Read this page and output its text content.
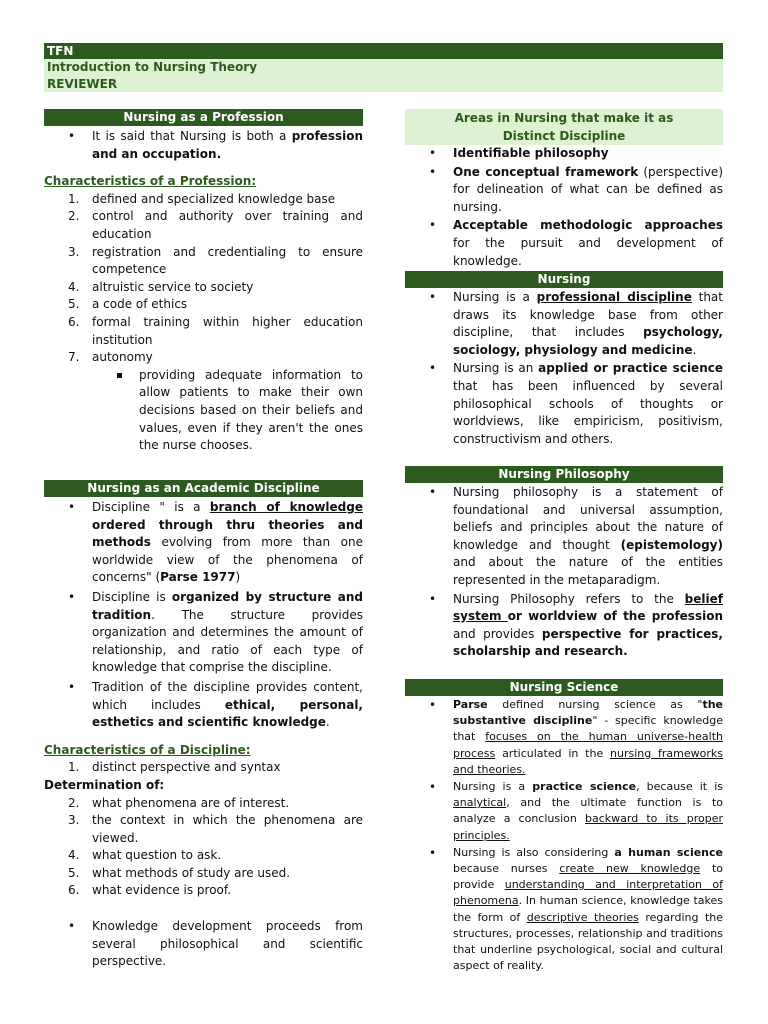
TFN
Introduction to Nursing Theory
REVIEWER
Nursing as a Profession
• It is said that Nursing is both a profession and an occupation.
Characteristics of a Profession:
1. defined and specialized knowledge base
2. control and authority over training and education
3. registration and credentialing to ensure competence
4. altruistic service to society
5. a code of ethics
6. formal training within higher education institution
7. autonomy
providing adequate information to allow patients to make their own decisions based on their beliefs and values, even if they aren't the ones the nurse chooses.
Nursing as an Academic Discipline
• Discipline " is a branch of knowledge ordered through thru theories and methods evolving from more than one worldwide view of the phenomena of concerns" (Parse 1977)
• Discipline is organized by structure and tradition. The structure provides organization and determines the amount of relationship, and ratio of each type of knowledge that comprise the discipline.
• Tradition of the discipline provides content, which includes ethical, personal, esthetics and scientific knowledge.
Characteristics of a Discipline:
1. distinct perspective and syntax
Determination of:
2. what phenomena are of interest.
3. the context in which the phenomena are viewed.
4. what question to ask.
5. what methods of study are used.
6. what evidence is proof.
• Knowledge development proceeds from several philosophical and scientific perspective.
Areas in Nursing that make it as
Distinct Discipline
• Identifiable philosophy
• One conceptual framework (perspective) for delineation of what can be defined as nursing.
• Acceptable methodologic approaches for the pursuit and development of knowledge.
Nursing
• Nursing is a professional discipline that draws its knowledge base from other discipline, that includes psychology, sociology, physiology and medicine.
• Nursing is an applied or practice science that has been influenced by several philosophical schools of thoughts or worldviews, like empiricism, positivism, constructivism and others.
Nursing Philosophy
• Nursing philosophy is a statement of foundational and universal assumption, beliefs and principles about the nature of knowledge and thought (epistemology) and about the nature of the entities represented in the metaparadigm.
• Nursing Philosophy refers to the belief system or worldview of the profession and provides perspective for practices, scholarship and research.
Nursing Science
• Parse defined nursing science as "the substantive discipline" - specific knowledge that focuses on the human universe-health process articulated in the nursing frameworks and theories.
• Nursing is a practice science, because it is analytical, and the ultimate function is to analyze a conclusion backward to its proper principles.
• Nursing is also considering a human science because nurses create new knowledge to provide understanding and interpretation of phenomena. In human science, knowledge takes the form of descriptive theories regarding the structures, processes, relationship and traditions that underline psychological, social and cultural aspect of reality.
